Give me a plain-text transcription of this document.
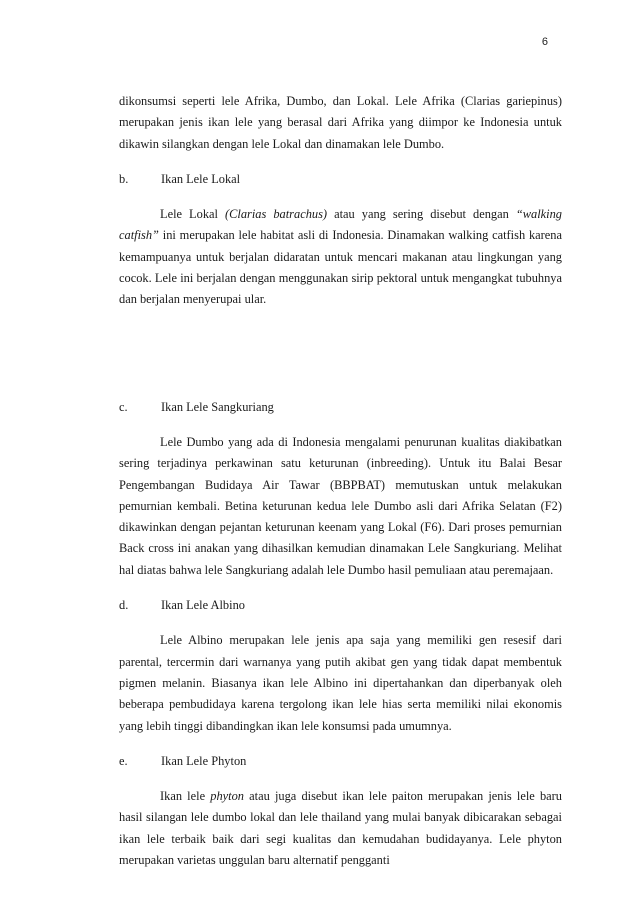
6

dikonsumsi seperti lele Afrika, Dumbo, dan Lokal. Lele Afrika (Clarias gariepinus) merupakan jenis ikan lele yang berasal dari Afrika yang diimpor ke Indonesia untuk dikawin silangkan dengan lele Lokal dan dinamakan lele Dumbo.

b.	Ikan Lele Lokal

Lele Lokal (Clarias batrachus) atau yang sering disebut dengan “walking catfish” ini merupakan lele habitat asli di Indonesia. Dinamakan walking catfish karena kemampuanya untuk berjalan didaratan untuk mencari makanan atau lingkungan yang cocok. Lele ini berjalan dengan menggunakan sirip pektoral untuk mengangkat tubuhnya dan berjalan menyerupai ular.

c.	Ikan Lele Sangkuriang

Lele Dumbo yang ada di Indonesia mengalami penurunan kualitas diakibatkan sering terjadinya perkawinan satu keturunan (inbreeding). Untuk itu Balai Besar Pengembangan Budidaya Air Tawar (BBPBAT) memutuskan untuk melakukan pemurnian kembali. Betina keturunan kedua lele Dumbo asli dari Afrika Selatan (F2) dikawinkan dengan pejantan keturunan keenam yang Lokal (F6). Dari proses pemurnian Back cross ini anakan yang dihasilkan kemudian dinamakan Lele Sangkuriang. Melihat hal diatas bahwa lele Sangkuriang adalah lele Dumbo hasil pemuliaan atau peremajaan.

d.	Ikan Lele Albino

Lele Albino merupakan lele jenis apa saja yang memiliki gen resesif dari parental, tercermin dari warnanya yang putih akibat gen yang tidak dapat membentuk pigmen melanin. Biasanya ikan lele Albino ini dipertahankan dan diperbanyak oleh beberapa pembudidaya karena tergolong ikan lele hias serta memiliki nilai ekonomis yang lebih tinggi dibandingkan ikan lele konsumsi pada umumnya.

e.	Ikan Lele Phyton

Ikan lele phyton atau juga disebut ikan lele paiton merupakan jenis lele baru hasil silangan lele dumbo lokal dan lele thailand yang mulai banyak dibicarakan sebagai ikan lele terbaik baik dari segi kualitas dan kemudahan budidayanya. Lele phyton merupakan varietas unggulan baru alternatif pengganti
